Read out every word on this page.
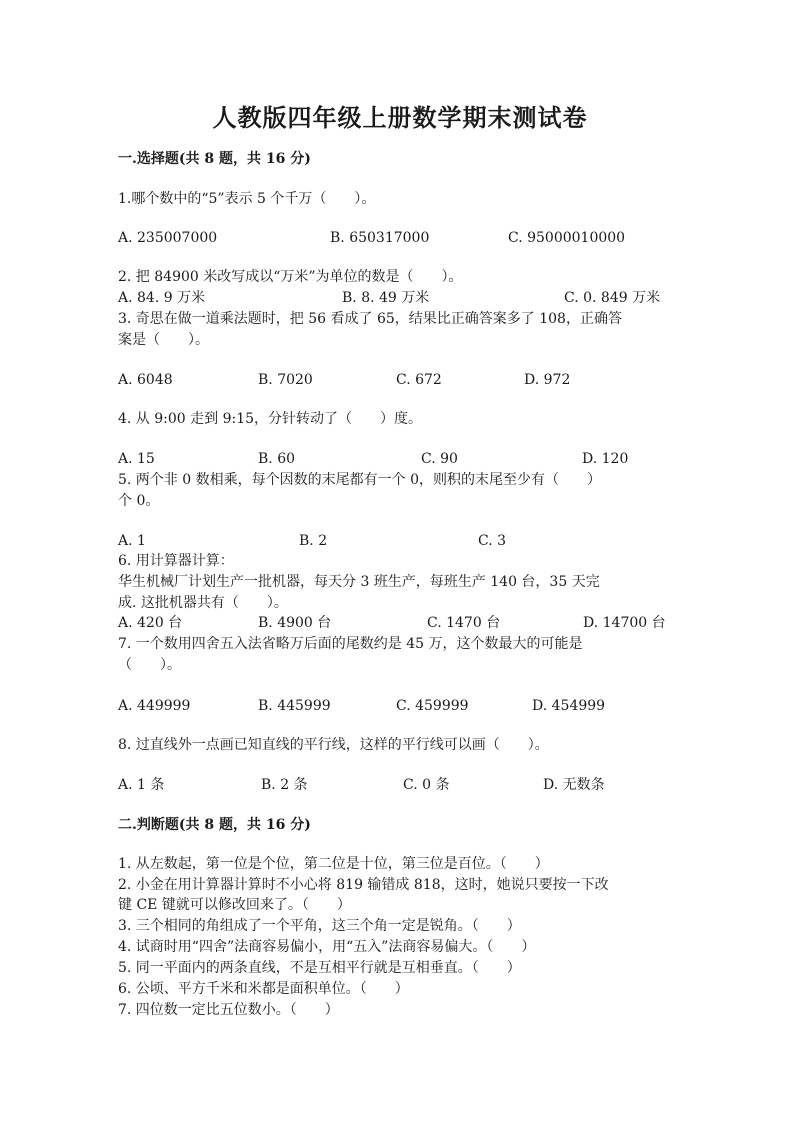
人教版四年级上册数学期末测试卷
一.选择题(共 8 题，共 16 分)
1.哪个数中的“5”表示 5 个千万（　　）。
A. 235007000	B. 650317000	C. 95000010000
2. 把 84900 米改写成以“万米”为单位的数是（　　）。
A. 84. 9 万米	B. 8. 49 万米	C. 0. 849 万米
3. 奇思在做一道乘法题时，把 56 看成了 65，结果比正确答案多了 108，正确答
案是（　　）。
A. 6048	B. 7020	C. 672	D. 972
4. 从 9:00 走到 9:15，分针转动了（　　）度。
A. 15	B. 60	C. 90	D. 120
5. 两个非 0 数相乘，每个因数的末尾都有一个 0，则积的末尾至少有（　　）
个 0。
A. 1	B. 2	C. 3
6. 用计算器计算：
华生机械厂计划生产一批机器，每天分 3 班生产，每班生产 140 台，35 天完
成. 这批机器共有（　　）。
A. 420 台	B. 4900 台	C. 1470 台	D. 14700 台
7. 一个数用四舍五入法省略万后面的尾数约是 45 万，这个数最大的可能是
（　　）。
A. 449999	B. 445999	C. 459999	D. 454999
8. 过直线外一点画已知直线的平行线，这样的平行线可以画（　　）。
A. 1 条	B. 2 条	C. 0 条	D. 无数条
二.判断题(共 8 题，共 16 分)
1. 从左数起，第一位是个位，第二位是十位，第三位是百位。（　　）
2. 小金在用计算器计算时不小心将 819 输错成 818，这时，她说只要按一下改
键 CE 键就可以修改回来了。（　　）
3. 三个相同的角组成了一个平角，这三个角一定是锐角。（　　）
4. 试商时用“四舍”法商容易偏小，用“五入”法商容易偏大。（　　）
5. 同一平面内的两条直线，不是互相平行就是互相垂直。（　　）
6. 公顷、平方千米和米都是面积单位。（　　）
7. 四位数一定比五位数小。（　　）
